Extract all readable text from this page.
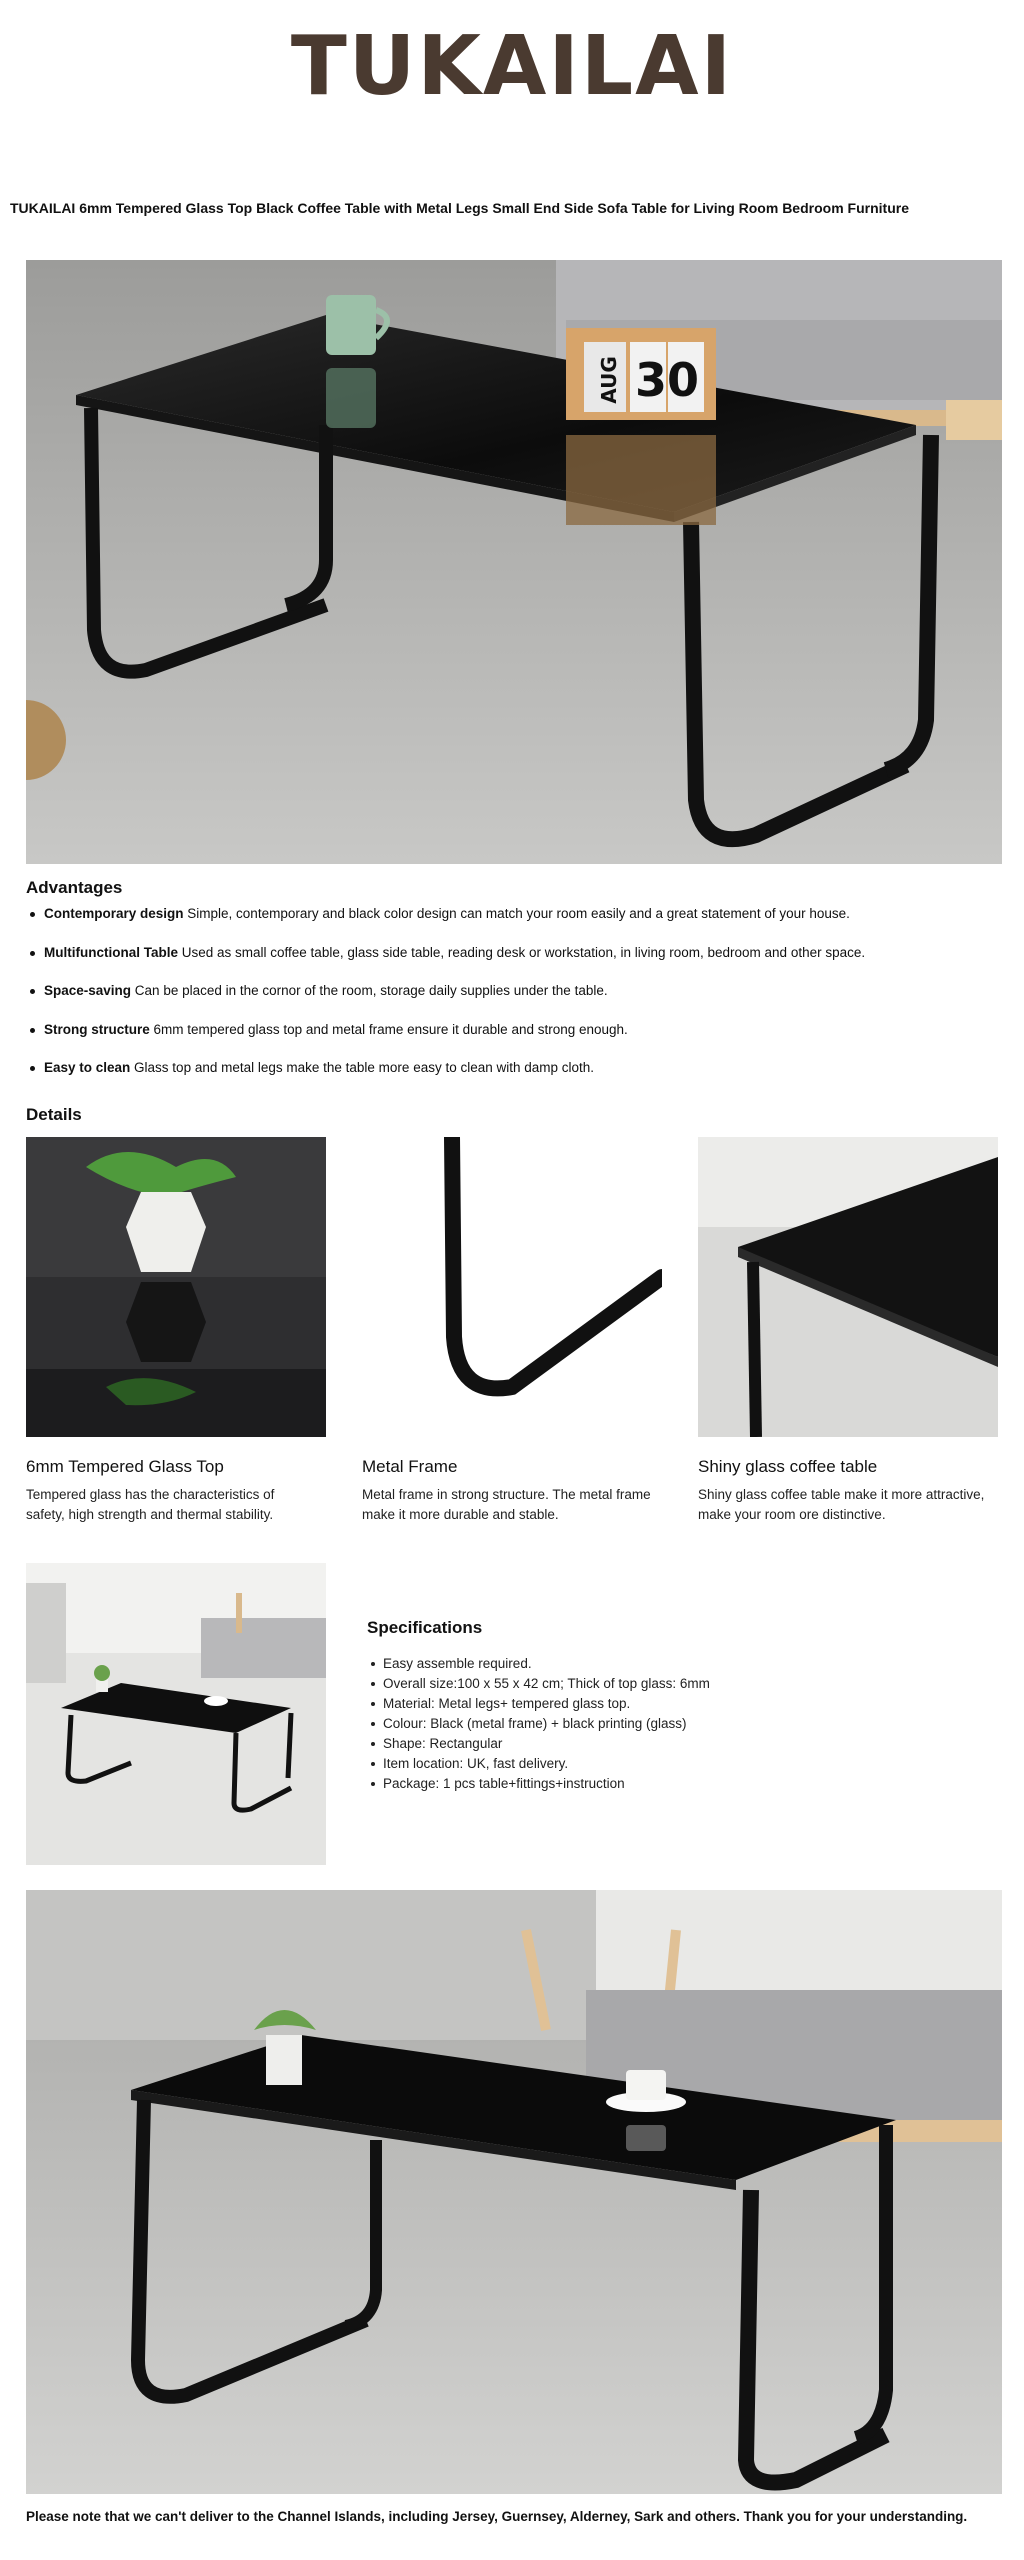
TUKAILAI
TUKAILAI 6mm Tempered Glass Top Black Coffee Table with Metal Legs Small End Side Sofa Table for Living Room Bedroom Furniture
AUG 30
Advantages
Contemporary design Simple, contemporary and black color design can match your room easily and a great statement of your house.
Multifunctional Table Used as small coffee table, glass side table, reading desk or workstation, in living room, bedroom and other space.
Space-saving Can be placed in the cornor of the room, storage daily supplies under the table.
Strong structure 6mm tempered glass top and metal frame ensure it durable and strong enough.
Easy to clean Glass top and metal legs make the table more easy to clean with damp cloth.
Details
6mm Tempered Glass Top
Tempered glass has the characteristics of safety, high strength and thermal stability.
Metal Frame
Metal frame in strong structure. The metal frame make it more durable and stable.
Shiny glass coffee table
Shiny glass coffee table make it more attractive, make your room ore distinctive.
Specifications
Easy assemble required.
Overall size:100 x 55 x 42 cm; Thick of top glass: 6mm
Material: Metal legs+ tempered glass top.
Colour: Black (metal frame) + black printing (glass)
Shape: Rectangular
Item location: UK, fast delivery.
Package: 1 pcs table+fittings+instruction
Please note that we can't deliver to the Channel Islands, including Jersey, Guernsey, Alderney, Sark and others. Thank you for your understanding.
